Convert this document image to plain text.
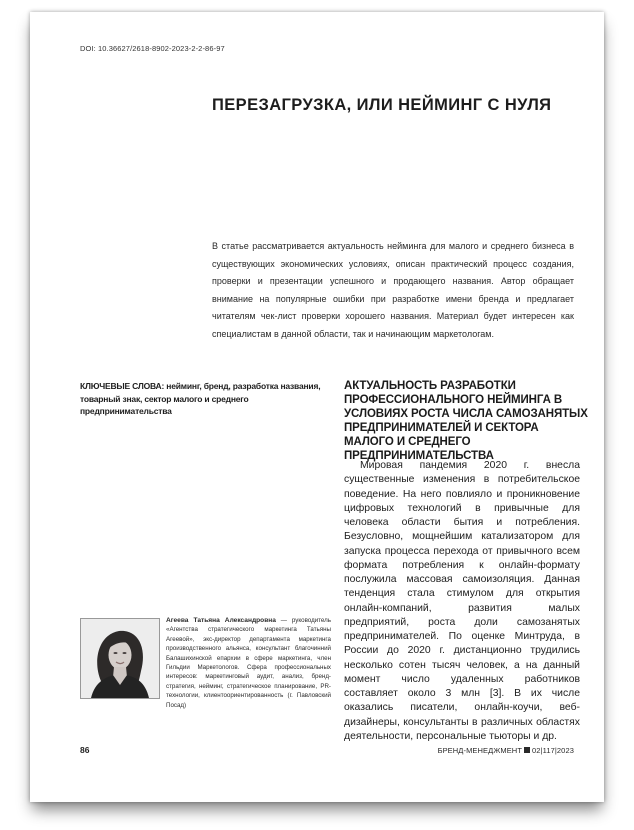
DOI: 10.36627/2618-8902-2023-2-2-86-97
ПЕРЕЗАГРУЗКА, ИЛИ НЕЙМИНГ С НУЛЯ
В статье рассматривается актуальность нейминга для малого и среднего бизнеса в существующих экономических условиях, описан практический процесс создания, проверки и презентации успешного и продающего названия. Автор обращает внимание на популярные ошибки при разработке имени бренда и предлагает читателям чек-лист проверки хорошего названия. Материал будет интересен как специалистам в данной области, так и начинающим маркетологам.
КЛЮЧЕВЫЕ СЛОВА: нейминг, бренд, разработка названия, товарный знак, сектор малого и среднего предпринимательства
АКТУАЛЬНОСТЬ РАЗРАБОТКИ ПРОФЕССИОНАЛЬНОГО НЕЙМИНГА В УСЛОВИЯХ РОСТА ЧИСЛА САМОЗАНЯТЫХ ПРЕДПРИНИМАТЕЛЕЙ И СЕКТОРА МАЛОГО И СРЕДНЕГО ПРЕДПРИНИМАТЕЛЬСТВА

Мировая пандемия 2020 г. внесла существенные изменения в потребительское поведение. На него повлияло и проникновение цифровых технологий в привычные для человека области бытия и потребления. Безусловно, мощнейшим катализатором для запуска процесса перехода от привычного всем формата потребления к онлайн-формату послужила массовая самоизоляция. Данная тенденция стала стимулом для открытия онлайн-компаний, развития малых предприятий, роста доли самозанятых предпринимателей. По оценке Минтруда, в России до 2020 г. дистанционно трудились несколько сотен тысяч человек, а на данный момент число удаленных работников составляет около 3 млн [3]. В их числе оказались писатели, онлайн-коучи, веб-дизайнеры, консультанты в различных областях деятельности, персональные тьюторы и др.

Агеева Татьяна Александровна — руководитель «Агентства стратегического маркетинга Татьяны Агеевой», экс-директор департамента маркетинга производственного альянса, консультант благочинний Балашихинской епархии в сфере маркетинга, член Гильдии Маркетологов. Сфера профессиональных интересов: маркетинговый аудит, анализ, бренд-стратегия, нейминг, стратегическое планирование, PR-технологии, клиентоориентированность (г. Павловский Посад)
86	БРЕНД-МЕНЕДЖМЕНТ 02|117|2023
